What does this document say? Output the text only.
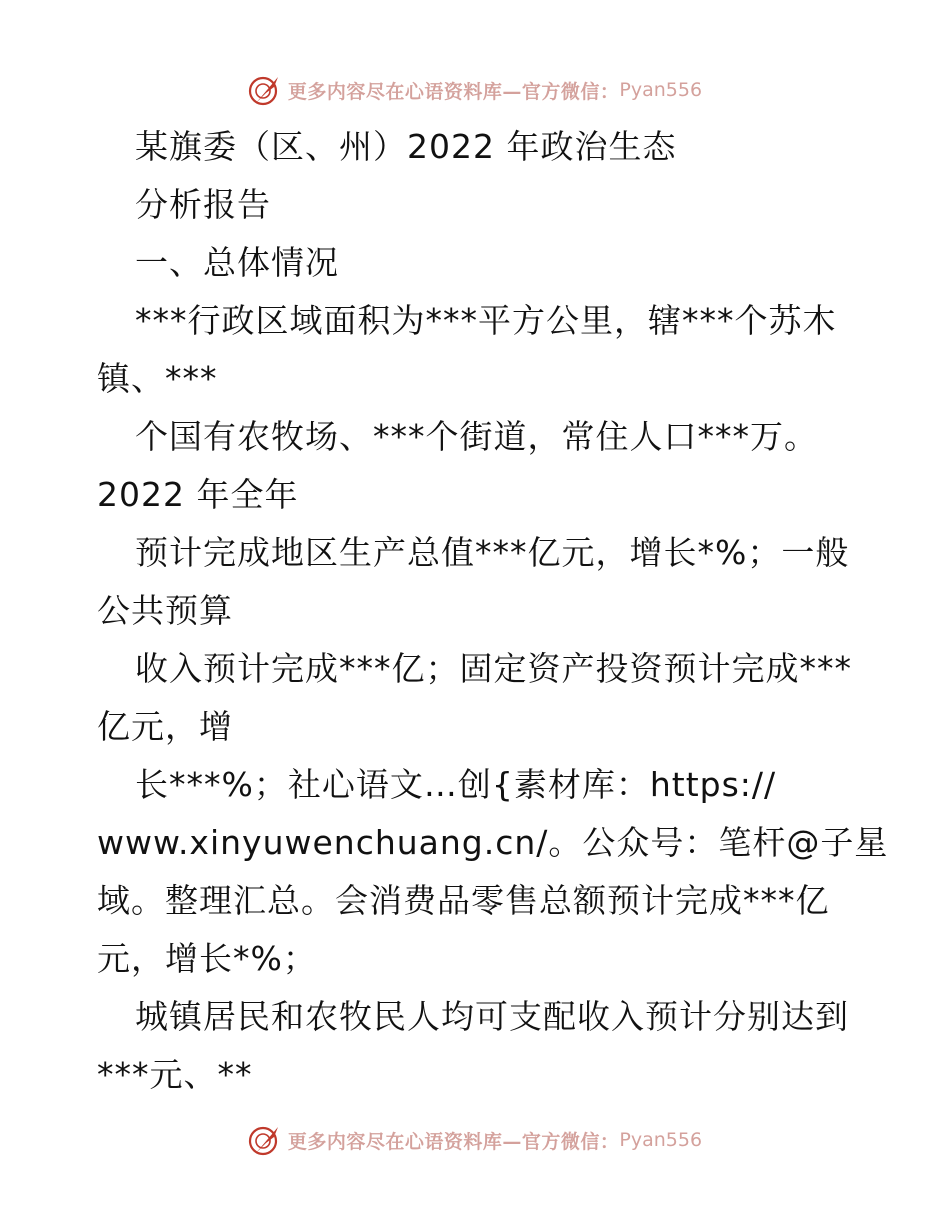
更多内容尽在心语资料库—官方微信： Pyan556
某旗委（区、州）2022 年政治生态
分析报告
一、总体情况
***行政区域面积为***平方公里，辖***个苏木
镇、***
个国有农牧场、***个街道，常住人口***万。
2022 年全年
预计完成地区生产总值***亿元，增长*%；一般
公共预算
收入预计完成***亿；固定资产投资预计完成***
亿元，增
长***%；社心语文…创{素材库：https://
www.xinyuwenchuang.cn/。公众号：笔杆@子星
域。整理汇总。会消费品零售总额预计完成***亿
元，增长*%；
城镇居民和农牧民人均可支配收入预计分别达到
***元、**
更多内容尽在心语资料库—官方微信： Pyan556
